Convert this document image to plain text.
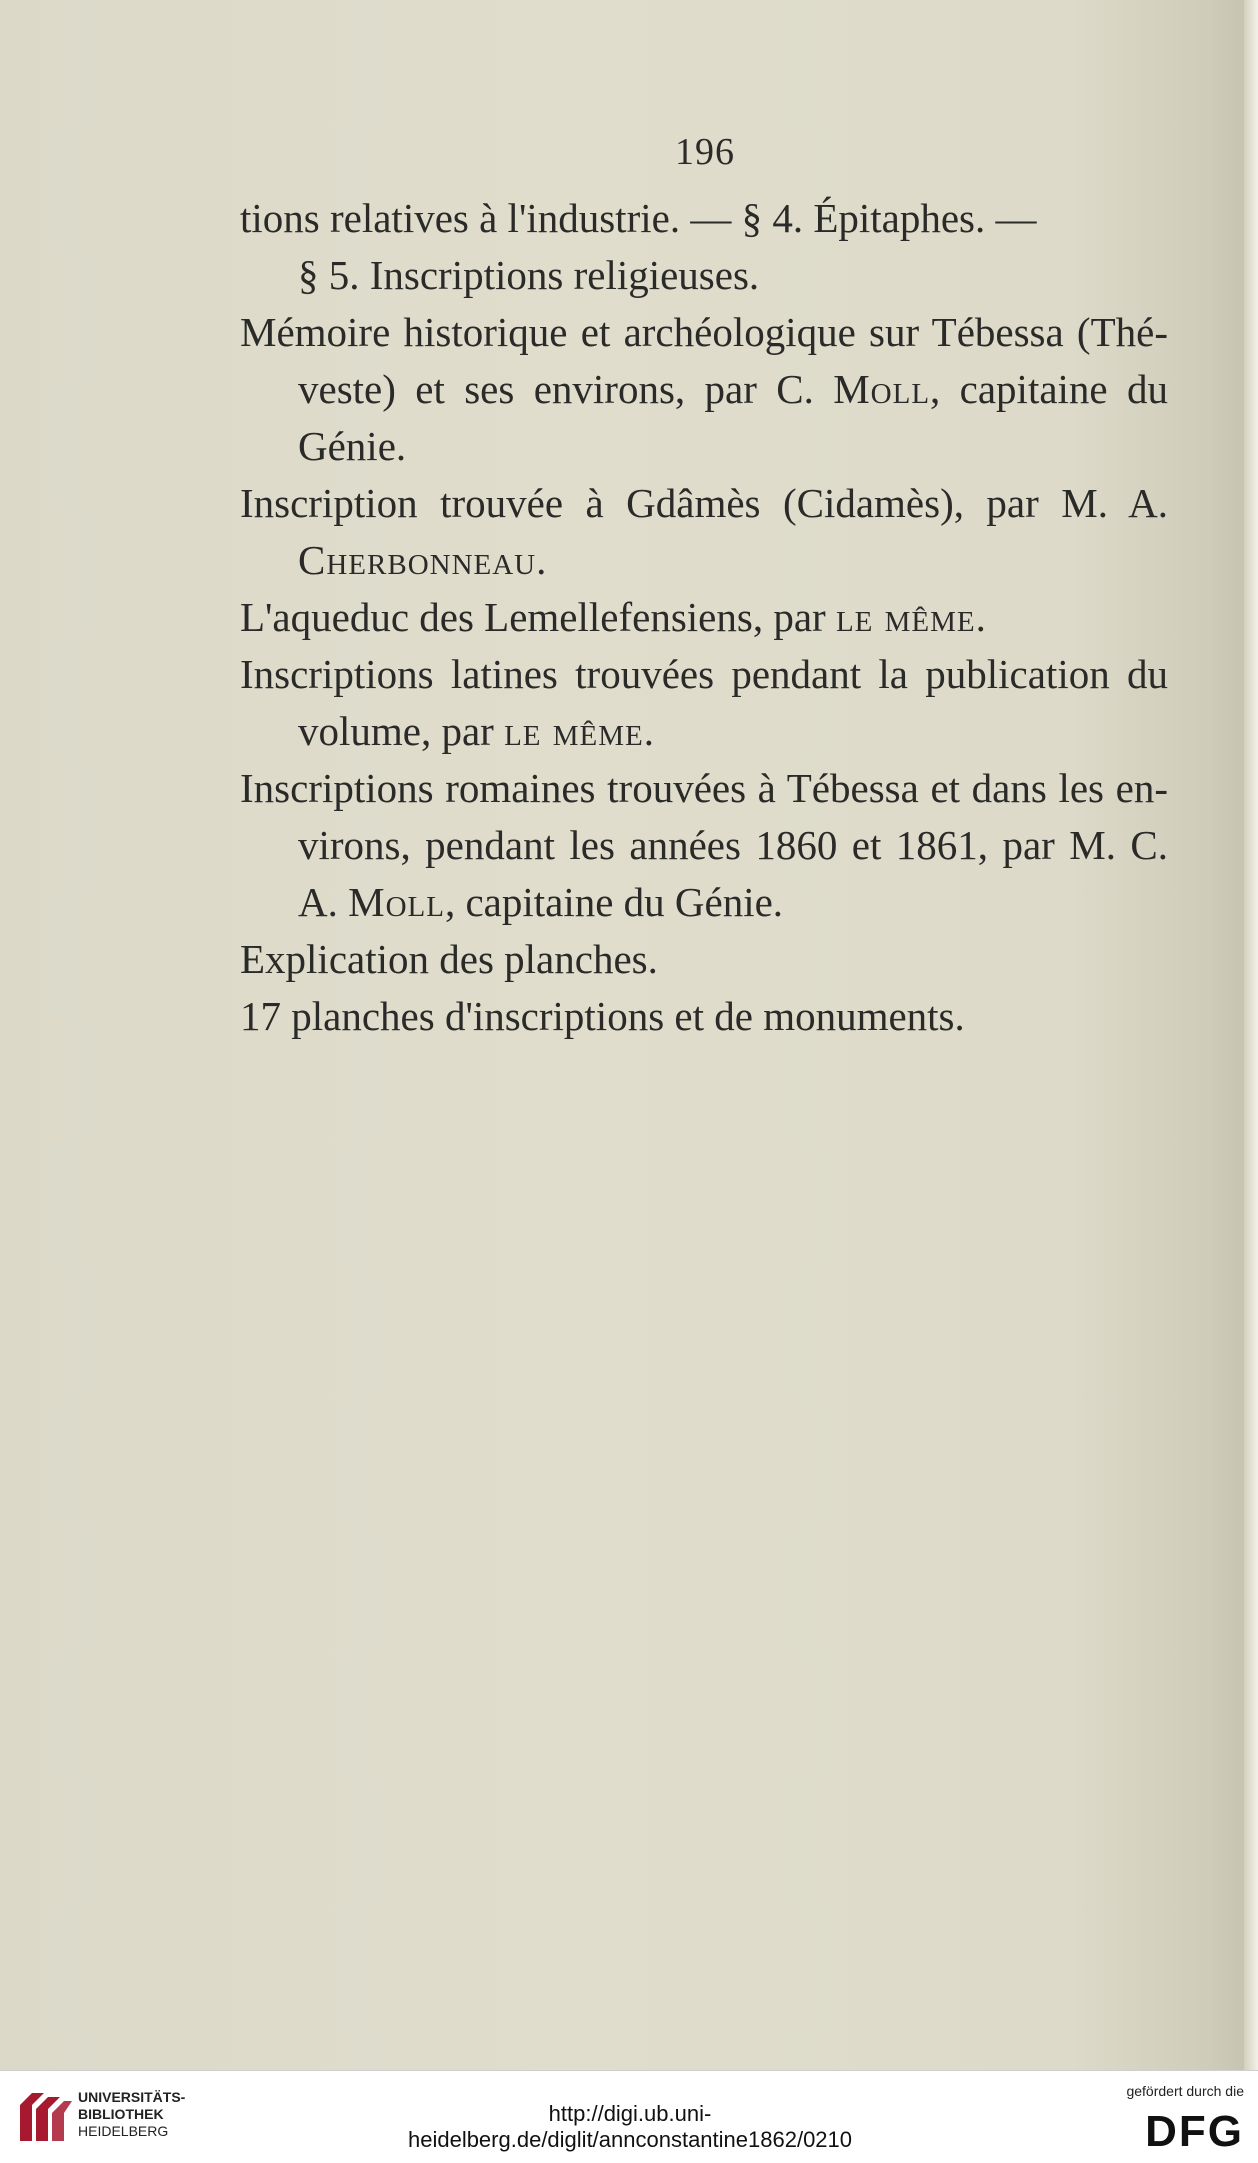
196
tions relatives à l'industrie. — § 4. Épitaphes. —
§ 5. Inscriptions religieuses.
Mémoire historique et archéologique sur Tébessa (Thé-veste) et ses environs, par C. Moll, capitaine du Génie.
Inscription trouvée à Gdâmès (Cidamès), par M. A. Cherbonneau.
L'aqueduc des Lemellefensiens, par le même.
Inscriptions latines trouvées pendant la publication du volume, par le même.
Inscriptions romaines trouvées à Tébessa et dans les en-virons, pendant les années 1860 et 1861, par M. C. A. Moll, capitaine du Génie.
Explication des planches.
17 planches d'inscriptions et de monuments.
UNIVERSITÄTS-
BIBLIOTHEK
HEIDELBERG
http://digi.ub.uni-heidelberg.de/diglit/annconstantine1862/0210
gefördert durch die
DFG
